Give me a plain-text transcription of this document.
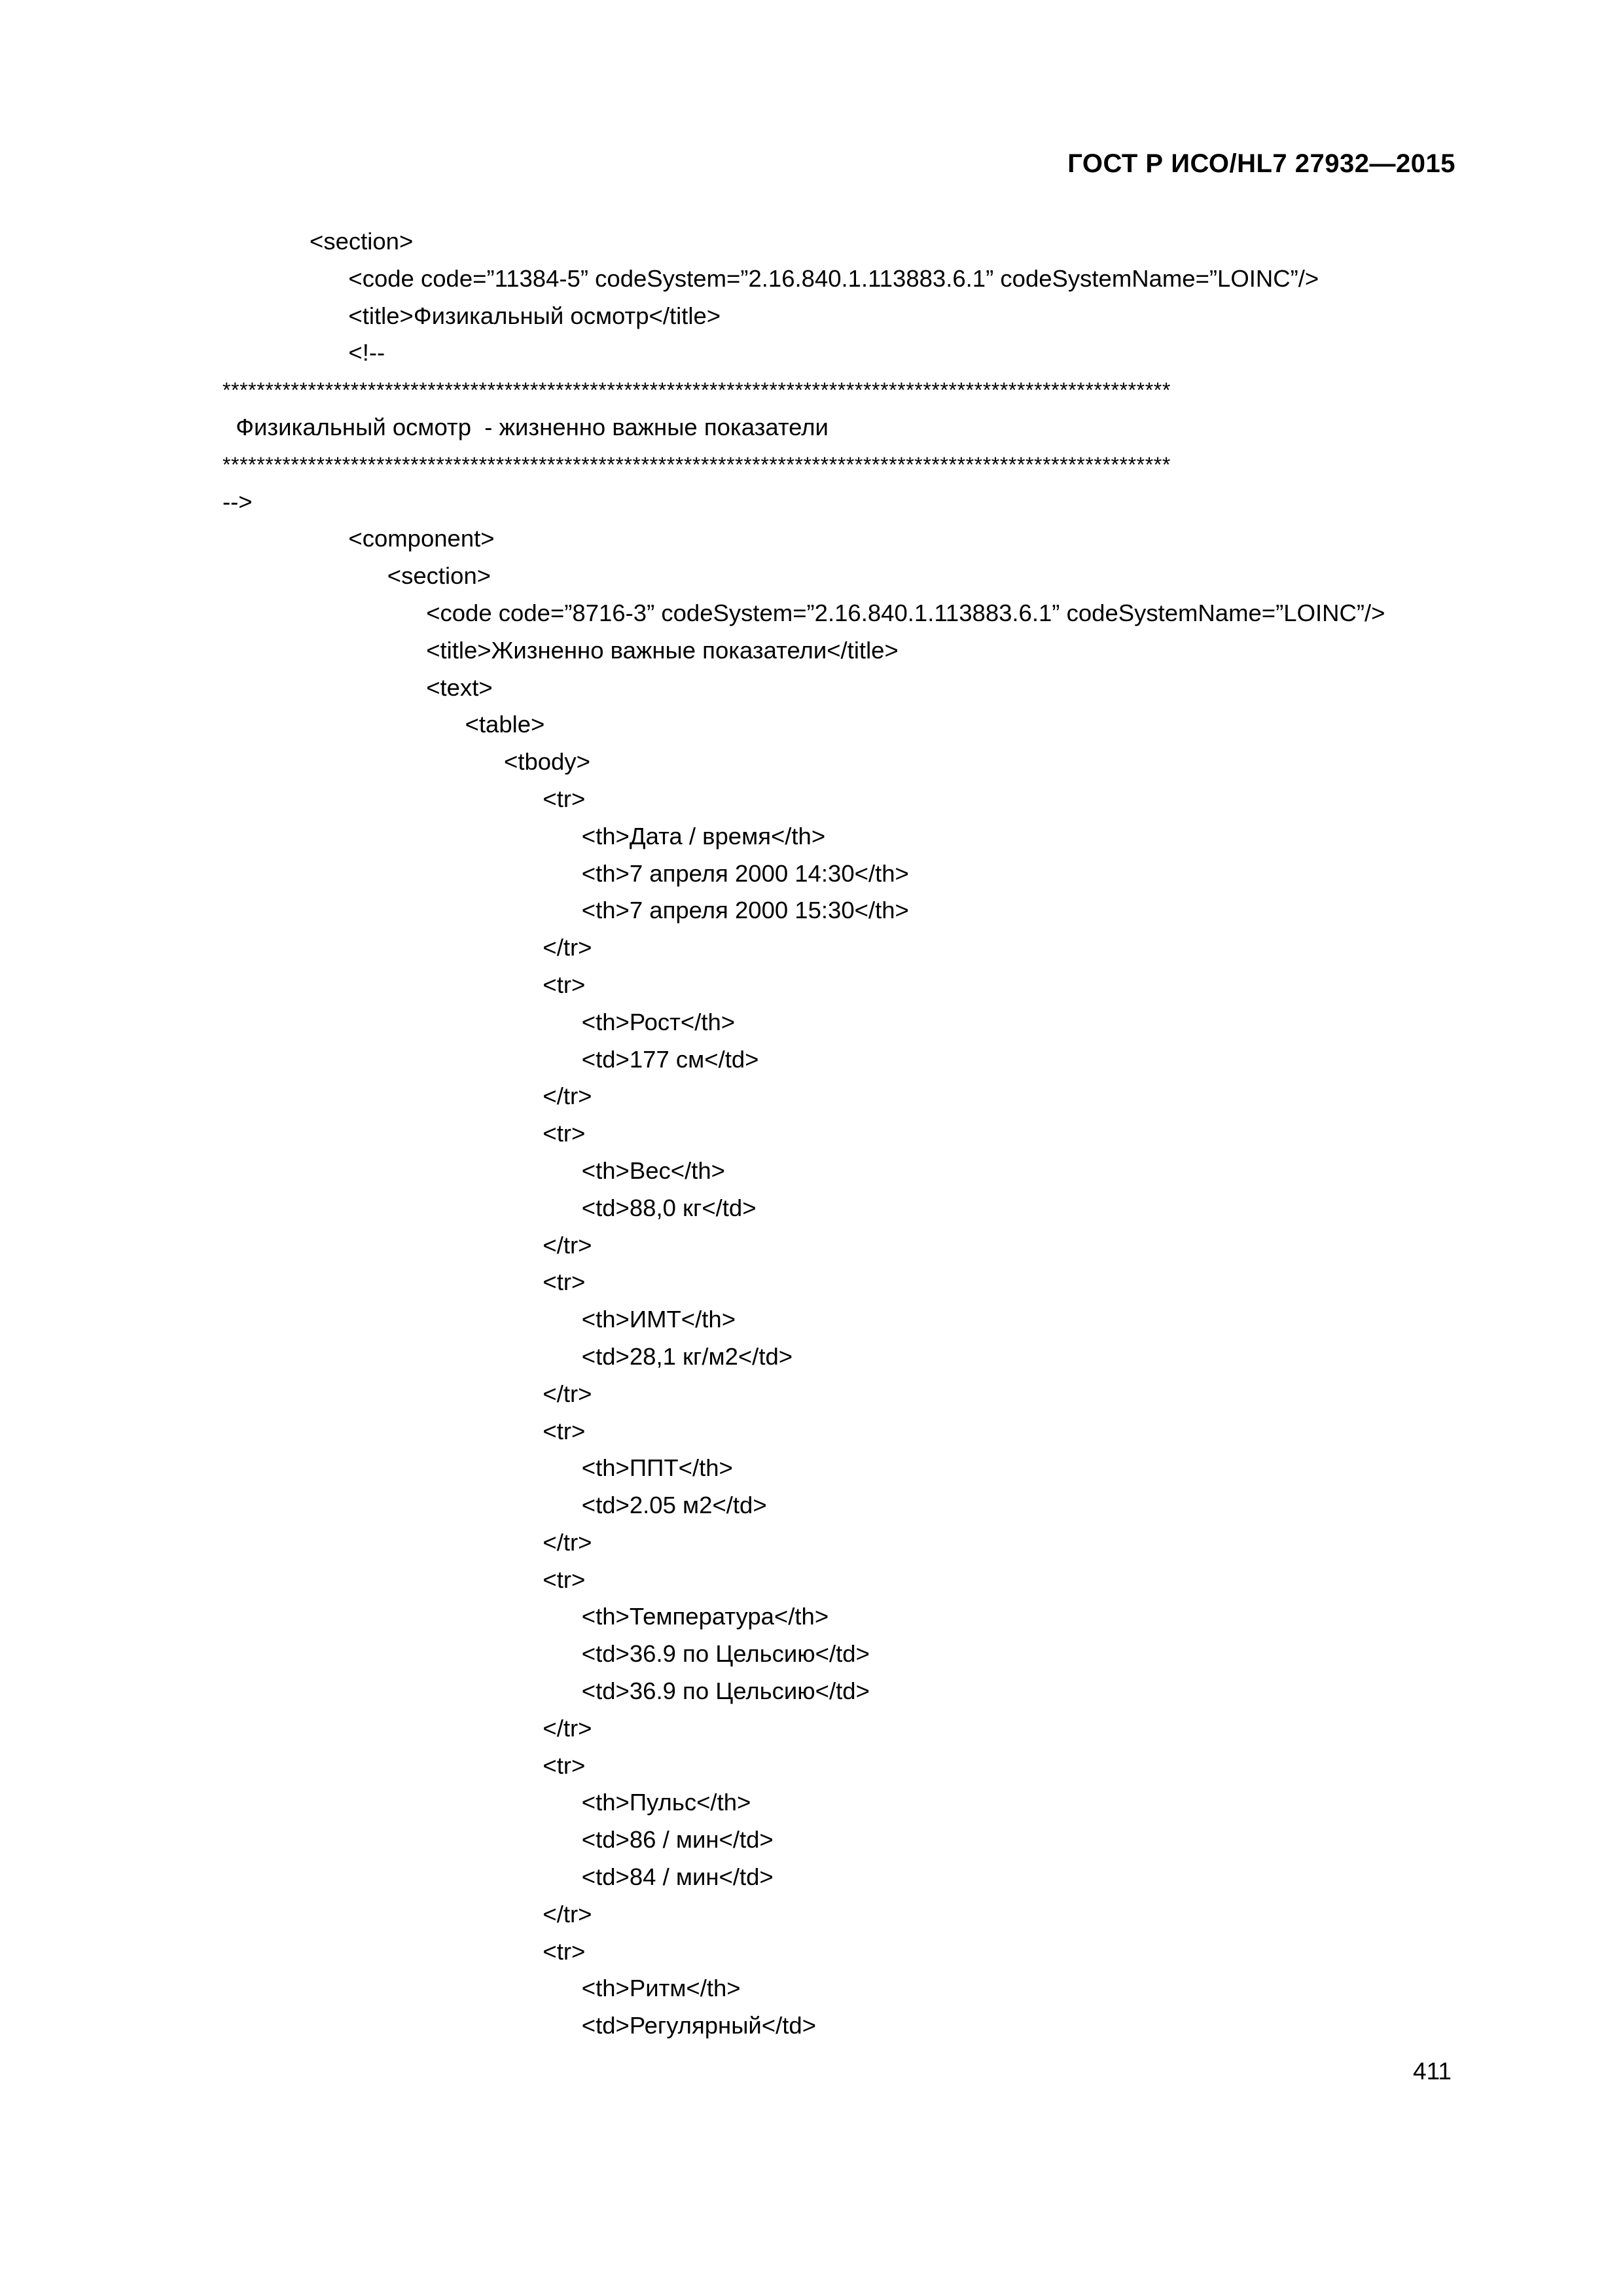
ГОСТ Р ИСО/HL7 27932—2015
<section>
<code code=”11384-5” codeSystem=”2.16.840.1.113883.6.1” codeSystemName=”LOINC”/>
<title>Физикальный осмотр</title>
<!--
***************************************************************************************************************
Физикальный осмотр  - жизненно важные показатели
***************************************************************************************************************
-->
<component>
<section>
<code code=”8716-3” codeSystem=”2.16.840.1.113883.6.1” codeSystemName=”LOINC”/>
<title>Жизненно важные показатели</title>
<text>
<table>
<tbody>
<tr>
<th>Дата / время</th>
<th>7 апреля 2000 14:30</th>
<th>7 апреля 2000 15:30</th>
</tr>
<tr>
<th>Рост</th>
<td>177 см</td>
</tr>
<tr>
<th>Вес</th>
<td>88,0 кг</td>
</tr>
<tr>
<th>ИМТ</th>
<td>28,1 кг/м2</td>
</tr>
<tr>
<th>ППТ</th>
<td>2.05 м2</td>
</tr>
<tr>
<th>Температура</th>
<td>36.9 по Цельсию</td>
<td>36.9 по Цельсию</td>
</tr>
<tr>
<th>Пульс</th>
<td>86 / мин</td>
<td>84 / мин</td>
</tr>
<tr>
<th>Ритм</th>
<td>Регулярный</td>
411
